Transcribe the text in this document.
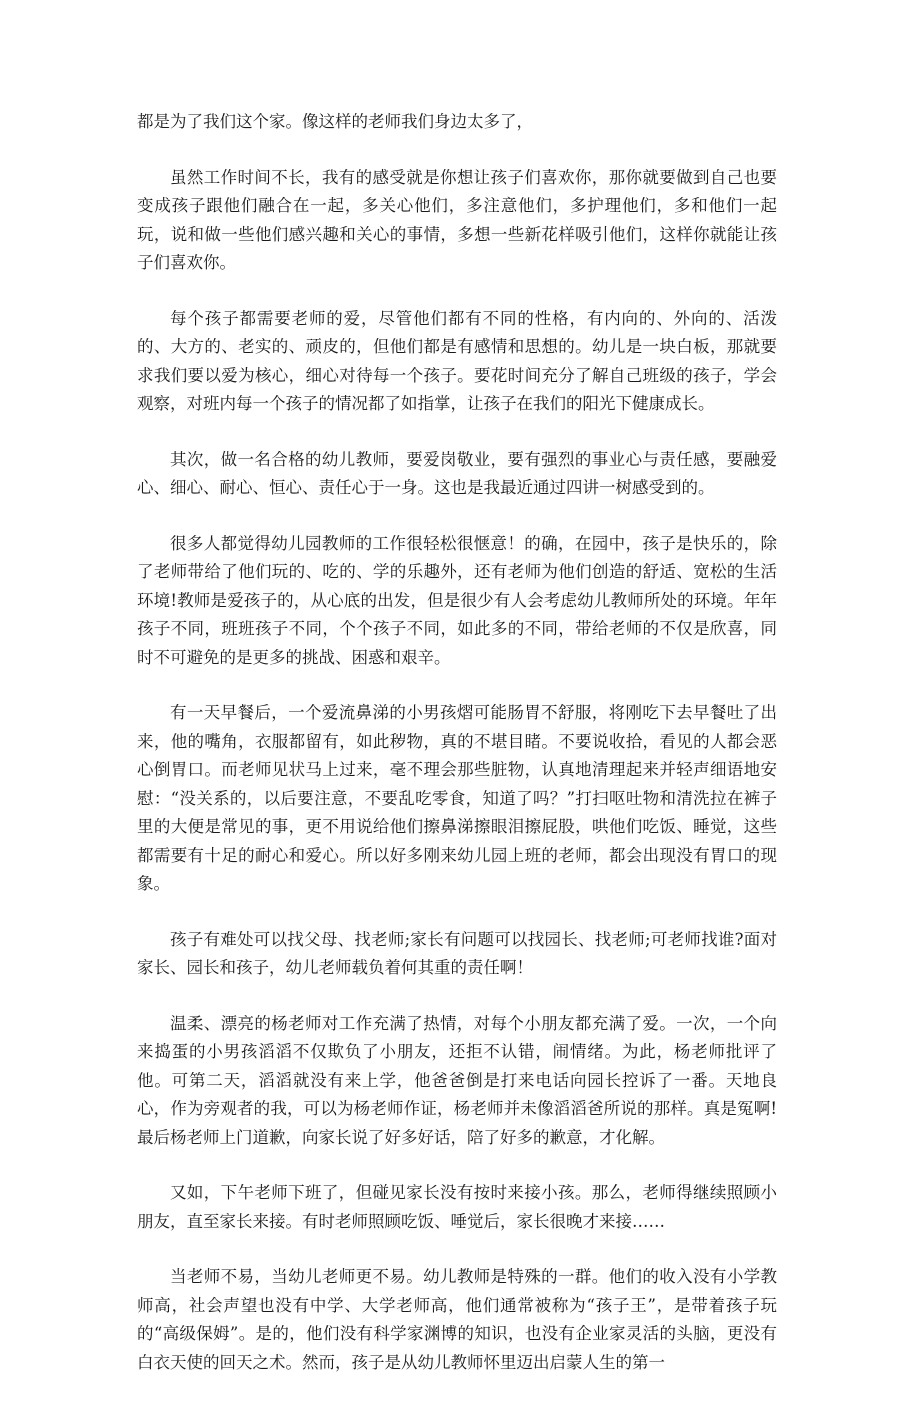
都是为了我们这个家。像这样的老师我们身边太多了，

虽然工作时间不长，我有的感受就是你想让孩子们喜欢你，那你就要做到自己也要变成孩子跟他们融合在一起，多关心他们，多注意他们，多护理他们，多和他们一起玩，说和做一些他们感兴趣和关心的事情，多想一些新花样吸引他们，这样你就能让孩子们喜欢你。

每个孩子都需要老师的爱，尽管他们都有不同的性格，有内向的、外向的、活泼的、大方的、老实的、顽皮的，但他们都是有感情和思想的。幼儿是一块白板，那就要求我们要以爱为核心，细心对待每一个孩子。要花时间充分了解自己班级的孩子，学会观察，对班内每一个孩子的情况都了如指掌，让孩子在我们的阳光下健康成长。

其次，做一名合格的幼儿教师，要爱岗敬业，要有强烈的事业心与责任感，要融爱心、细心、耐心、恒心、责任心于一身。这也是我最近通过四讲一树感受到的。

很多人都觉得幼儿园教师的工作很轻松很惬意！的确，在园中，孩子是快乐的，除了老师带给了他们玩的、吃的、学的乐趣外，还有老师为他们创造的舒适、宽松的生活环境!教师是爱孩子的，从心底的出发，但是很少有人会考虑幼儿教师所处的环境。年年孩子不同，班班孩子不同，个个孩子不同，如此多的不同，带给老师的不仅是欣喜，同时不可避免的是更多的挑战、困惑和艰辛。

有一天早餐后，一个爱流鼻涕的小男孩熠可能肠胃不舒服，将刚吃下去早餐吐了出来，他的嘴角，衣服都留有，如此秽物，真的不堪目睹。不要说收拾，看见的人都会恶心倒胃口。而老师见状马上过来，毫不理会那些脏物，认真地清理起来并轻声细语地安慰：“没关系的，以后要注意，不要乱吃零食，知道了吗？”打扫呕吐物和清洗拉在裤子里的大便是常见的事，更不用说给他们擦鼻涕擦眼泪擦屁股，哄他们吃饭、睡觉，这些都需要有十足的耐心和爱心。所以好多刚来幼儿园上班的老师，都会出现没有胃口的现象。

孩子有难处可以找父母、找老师;家长有问题可以找园长、找老师;可老师找谁?面对家长、园长和孩子，幼儿老师载负着何其重的责任啊！

温柔、漂亮的杨老师对工作充满了热情，对每个小朋友都充满了爱。一次，一个向来捣蛋的小男孩滔滔不仅欺负了小朋友，还拒不认错，闹情绪。为此，杨老师批评了他。可第二天，滔滔就没有来上学，他爸爸倒是打来电话向园长控诉了一番。天地良心，作为旁观者的我，可以为杨老师作证，杨老师并未像滔滔爸所说的那样。真是冤啊!最后杨老师上门道歉，向家长说了好多好话，陪了好多的歉意，才化解。

又如，下午老师下班了，但碰见家长没有按时来接小孩。那么，老师得继续照顾小朋友，直至家长来接。有时老师照顾吃饭、唾觉后，家长很晚才来接……

当老师不易，当幼儿老师更不易。幼儿教师是特殊的一群。他们的收入没有小学教师高，社会声望也没有中学、大学老师高，他们通常被称为“孩子王”，是带着孩子玩的“高级保姆”。是的，他们没有科学家渊博的知识，也没有企业家灵活的头脑，更没有白衣天使的回天之术。然而，孩子是从幼儿教师怀里迈出启蒙人生的第一
